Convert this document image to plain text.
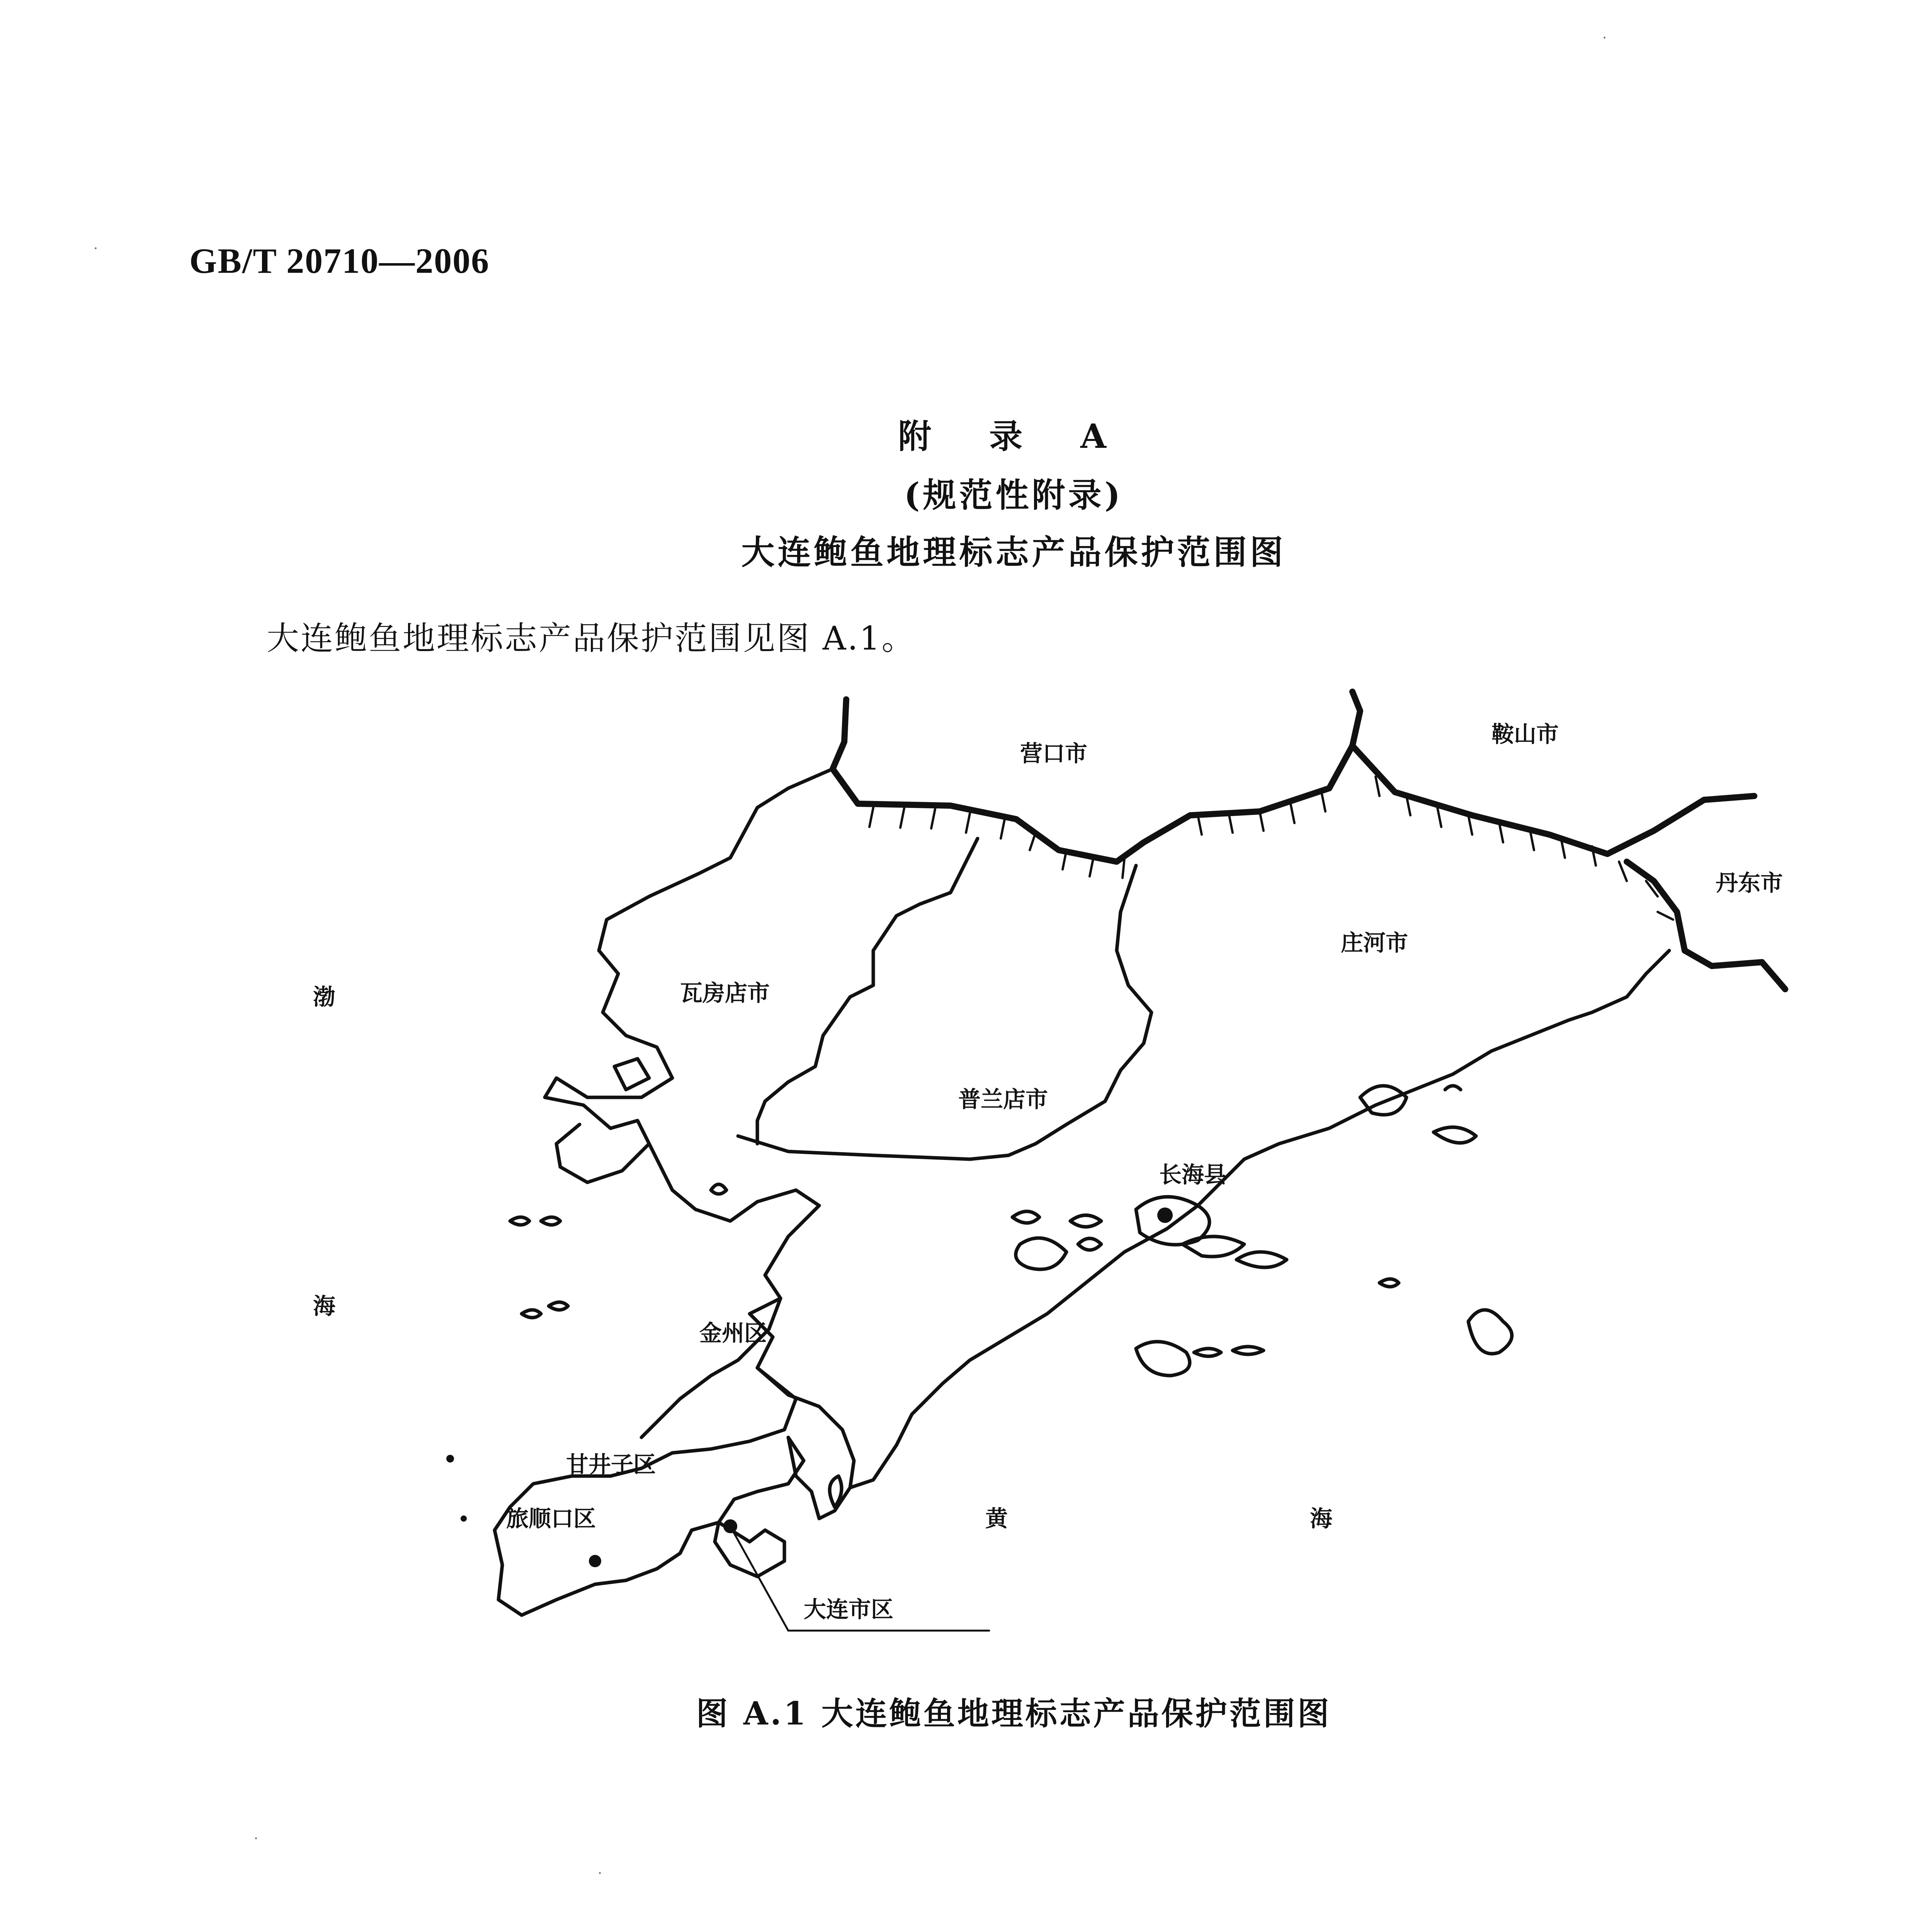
GB/T 20710—2006
附 录 A
(规范性附录)
大连鲍鱼地理标志产品保护范围图
大连鲍鱼地理标志产品保护范围见图 A.1。
营口市
鞍山市
丹东市
瓦房店市
庄河市
普兰店市
长海县
金州区
甘井子区
旅顺口区
大连市区
渤
海
黄	海
图 A.1 大连鲍鱼地理标志产品保护范围图
